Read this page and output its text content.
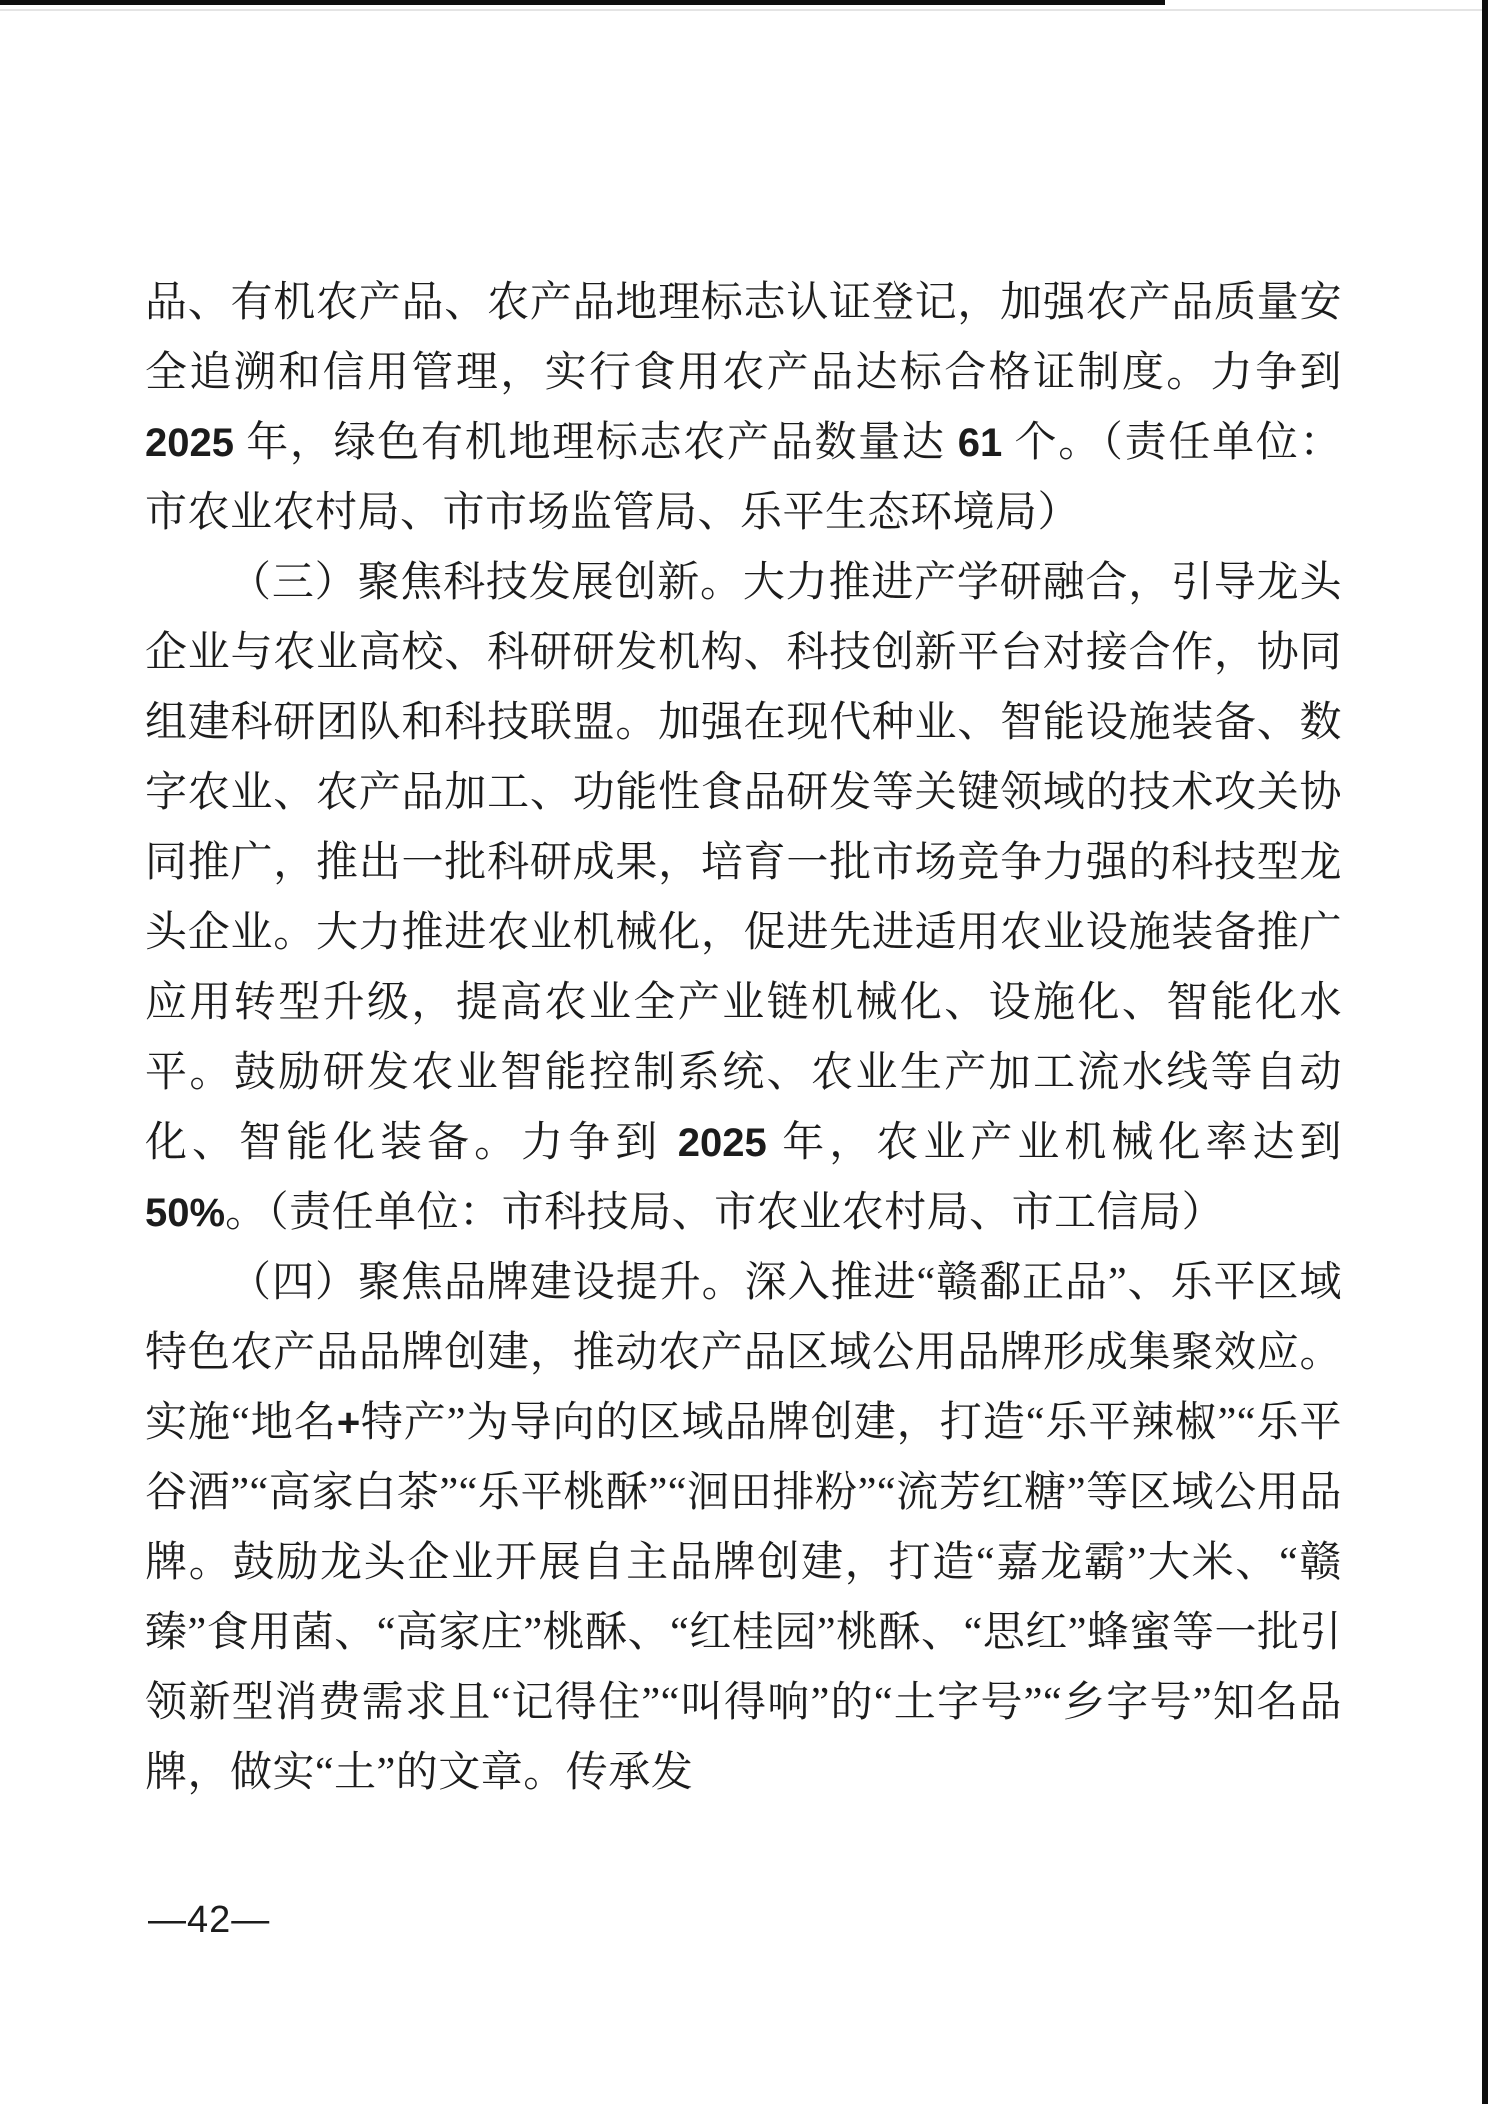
品、有机农产品、农产品地理标志认证登记，加强农产品质量安全追溯和信用管理，实行食用农产品达标合格证制度。力争到 2025 年，绿色有机地理标志农产品数量达 61 个。（责任单位：市农业农村局、市市场监管局、乐平生态环境局）
（三）聚焦科技发展创新。大力推进产学研融合，引导龙头企业与农业高校、科研研发机构、科技创新平台对接合作，协同组建科研团队和科技联盟。加强在现代种业、智能设施装备、数字农业、农产品加工、功能性食品研发等关键领域的技术攻关协同推广，推出一批科研成果，培育一批市场竞争力强的科技型龙头企业。大力推进农业机械化，促进先进适用农业设施装备推广应用转型升级，提高农业全产业链机械化、设施化、智能化水平。鼓励研发农业智能控制系统、农业生产加工流水线等自动化、智能化装备。力争到 2025 年，农业产业机械化率达到 50%。（责任单位：市科技局、市农业农村局、市工信局）
（四）聚焦品牌建设提升。深入推进“赣鄱正品”、乐平区域特色农产品品牌创建，推动农产品区域公用品牌形成集聚效应。实施“地名+特产”为导向的区域品牌创建，打造“乐平辣椒”“乐平谷酒”“高家白茶”“乐平桃酥”“洄田排粉”“流芳红糖”等区域公用品牌。鼓励龙头企业开展自主品牌创建，打造“嘉龙霸”大米、“赣臻”食用菌、“高家庄”桃酥、“红桂园”桃酥、“思红”蜂蜜等一批引领新型消费需求且“记得住”“叫得响”的“土字号”“乡字号”知名品牌，做实“土”的文章。传承发
—42—
